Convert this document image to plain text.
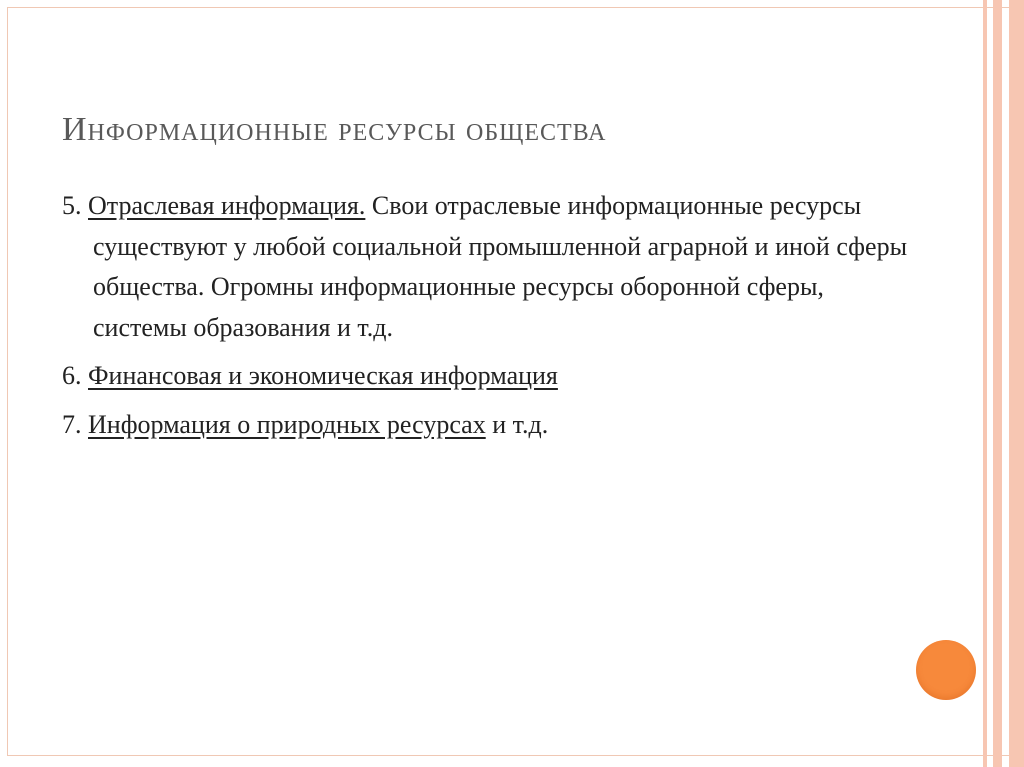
Информационные ресурсы общества
5. Отраслевая информация. Свои отраслевые информационные ресурсы существуют у любой социальной промышленной аграрной и иной сферы общества. Огромны информационные ресурсы оборонной сферы, системы образования и т.д.
6. Финансовая и экономическая информация
7. Информация о природных ресурсах и т.д.
